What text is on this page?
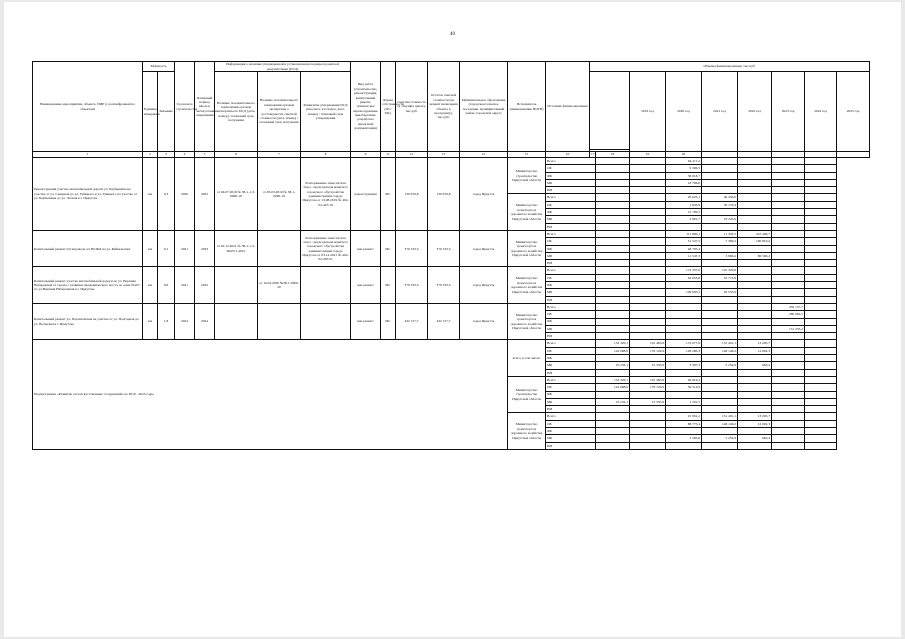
40
Наименование мероприятия, объекта, ПИР (с расшифровкой по объектам)	Мощность		Год начала строительства	Плановый период ввода в эксплуатацию/завершения	Информация о наличии утвержденной в установленном порядке проектной документации (ПСД)			Вид работ (строительство, реконструкция, капитальный ремонт, техническое перевооружение, приобретение, разработка проектной документации)	Форма собственности (ОС/ МС)	Сметная стоимость (в текущих ценах), тыс.руб.	Остаток сметной стоимости (на момент включения объекта в программу), тыс.руб.	Муниципальное образование (городское/сельское поселение, муниципальный район, городской округ)	Исполнитель (наименование ИОГВ)	Источник финансирования	Объемы финансирования, тыс.руб.								
	Единица измерения	Значение			Наличие положительного заключения органов экспертизы по ПСД (дата, номер) / плановый срок получения	Наличие положительного заключения органов экспертизы о достоверности сметной стоимости (дата, номер) / плановый срок получения	Реквизиты утверждения ПСД (вид акта, кто издал, дата, номер) / плановый срок утверждения										2019 год	2020 год	2021 год	2022 год	2023 год	2024 год	2025 год

1	2	3	4	5	6	7	8	9	11	12	13	14	15	16	17	18	19	20					
Реконструкция участка автомобильной дороги ул. Карбышева на участке от ул. Северная до ул. Урицкого и ул. Урицкого на участке от ул. Карбышева до ул. Лесная в г. Иркутске	км	0,3	2020	2022	от 04.07.2018 № 38-1-1-3-0060-18	от 05.03.2019 № 38-1-0296-19	Распоряжение заместителя мэра - председателя комитета городского обустройства администрации города Иркутска от 13.08.2019 № 404-02-447/19	реконструкция	МС	130 976,8	130 976,8	город Иркутск	Министерство строительства Иркутской области	Всего				64 211,2					
														ОБ				9 396,5					
														ФБ				36 018,7					
														МБ				18 796,0					
														НИ									
													Министерство транспорта и дорожного хозяйства Иркутской области	Всего				20 625,1	46 436,0				
														ОБ				1 833,9	30 170,4				
														ФБ				15 799,5					
														МБ				2 991,7	16 245,6				
														НИ									
Капитальный ремонт путепровода ч/з ВСЖД на ул. Байкальская	км	0,1	2021	2023	от 02.12.2021 № 38-1-1-2-064571-2021		Распоряжение заместителя мэра - председателя комитета городского обустройства администрации города Иркутска от 03.12.2021 № 404-02-295/21	кап.ремонт	МС	370 533,3	370 533,3	город Иркутск	Министерство транспорта и дорожного хозяйства Иркутской области	Всего				111 800,1	11 332,5	247 400,7			
														ОБ				51 547,5	7 366,2	160 810,4			
														ФБ				48 705,4					
														МБ				11 547,3	3 966,4	86 590,2			
														НИ									
Капитальный ремонт участка автомобильной дороги по ул. Верхняя Набережная от съезда с развязки Академического моста до дома №107 по ул.Верхняя Набережная в г. Иркутске	км	0,6	2021	2022		от 10.04.2020 №38-1-0306-20		кап.ремонт	МС	370 533,3	370 533,3	город Иркутск	Министерство транспорта и дорожного хозяйства Иркутской области	Всего				172 337,0	145 329,8				
														ОБ				62 653,8	52 773,9				
														ФБ									
														МБ				109 683,2	92 555,9				
														НИ									
Капитальный ремонт ул. Партизанская на участке от ул. Подгорная до ул. Волжская в г. Иркутске	км	1,8	2024	2024				кап.ремонт	МС	432 157,7	432 157,7	город Иркутск	Министерство транспорта и дорожного хозяйства Иркутской области	Всего							432 157,7		
														ОБ							280 902,5		
														ФБ									
														МБ							151 255,2		
														НИ									
Подпрограмма «Развитие сети искусственных сооружений» на 2019 - 2025 годы													всего, в том числе:	Всего		152 320,1	191 465,8	131 677,6	151 401,1	13 265,7			
														ОБ		142 088,0	176 129,9	128 290,3	146 146,2	12 602,3			
														ФБ									
														МБ		10 232,1	15 335,9	3 387,3	5 254,9	663,4			
														НИ									
													Министерство строительства Иркутской области	Всего		152 320,1	191 465,8	40 616,4					
														ОБ		142 088,0	176 129,9	39 514,9					
														ФБ									
														МБ		10 232,1	15 335,9	1 101,5					
														НИ									
													Министерство транспорта и дорожного хозяйства Иркутской области	Всего				91 061,2	151 401,1	13 265,7			
														ОБ				88 775,4	146 146,2	12 602,3			
														ФБ									
														МБ				2 285,8	5 254,9	663,4			
														НИ									
